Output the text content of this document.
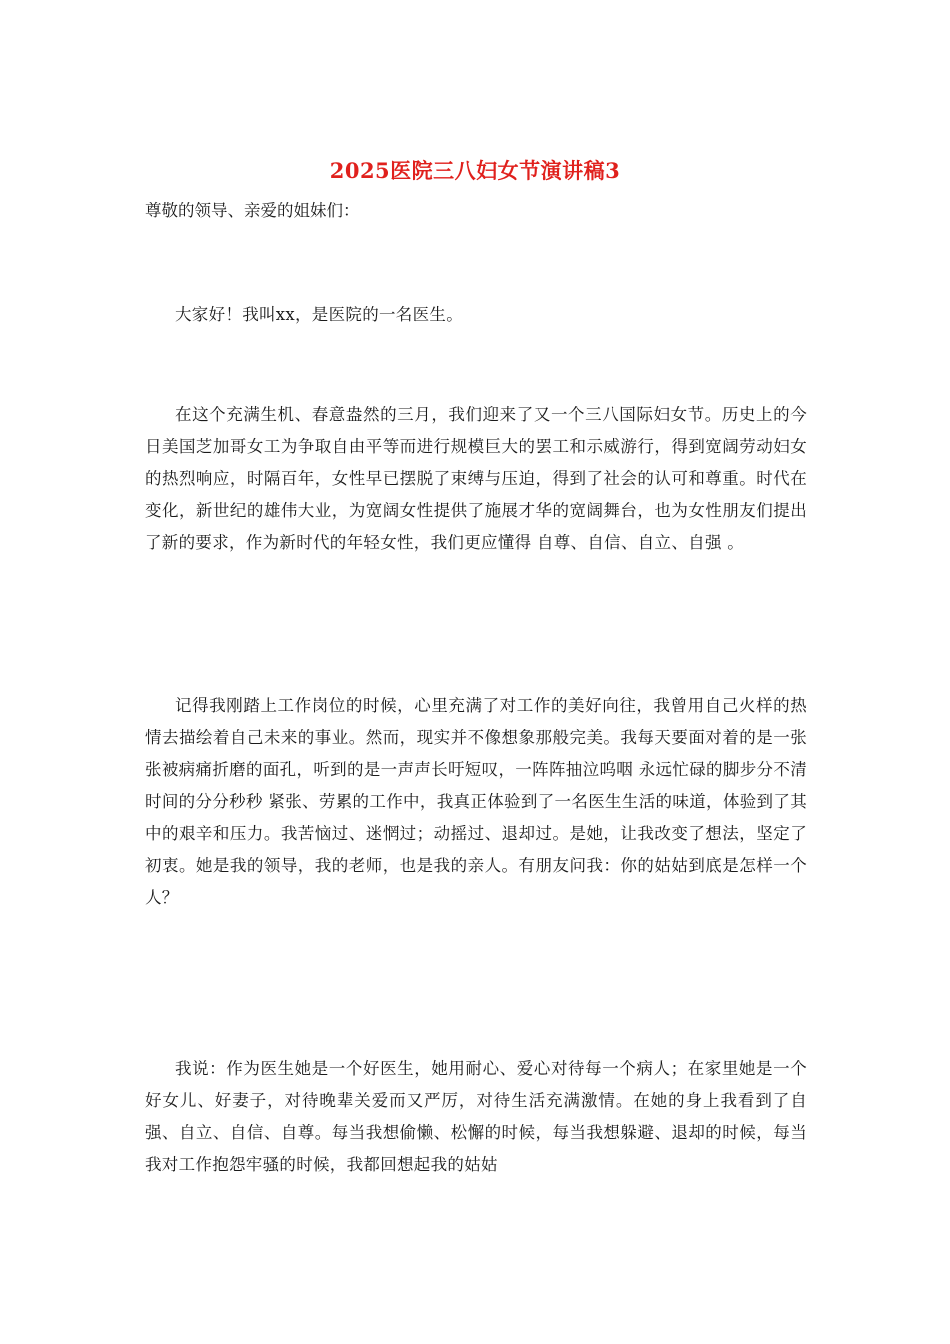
2025医院三八妇女节演讲稿3
尊敬的领导、亲爱的姐妹们：

大家好！我叫xx，是医院的一名医生。

在这个充满生机、春意盎然的三月，我们迎来了又一个三八国际妇女节。历史上的今日美国芝加哥女工为争取自由平等而进行规模巨大的罢工和示威游行，得到宽阔劳动妇女的热烈响应，时隔百年，女性早已摆脱了束缚与压迫，得到了社会的认可和尊重。时代在变化，新世纪的雄伟大业，为宽阔女性提供了施展才华的宽阔舞台，也为女性朋友们提出了新的要求，作为新时代的年轻女性，我们更应懂得 自尊、自信、自立、自强 。

记得我刚踏上工作岗位的时候，心里充满了对工作的美好向往，我曾用自己火样的热情去描绘着自己未来的事业。然而，现实并不像想象那般完美。我每天要面对着的是一张张被病痛折磨的面孔，听到的是一声声长吁短叹，一阵阵抽泣呜咽 永远忙碌的脚步分不清时间的分分秒秒 紧张、劳累的工作中，我真正体验到了一名医生生活的味道，体验到了其中的艰辛和压力。我苦恼过、迷惘过；动摇过、退却过。是她，让我改变了想法，坚定了初衷。她是我的领导，我的老师，也是我的亲人。有朋友问我：你的姑姑到底是怎样一个人？

我说：作为医生她是一个好医生，她用耐心、爱心对待每一个病人；在家里她是一个好女儿、好妻子，对待晚辈关爱而又严厉，对待生活充满激情。在她的身上我看到了自强、自立、自信、自尊。每当我想偷懒、松懈的时候，每当我想躲避、退却的时候，每当我对工作抱怨牢骚的时候，我都回想起我的姑姑
